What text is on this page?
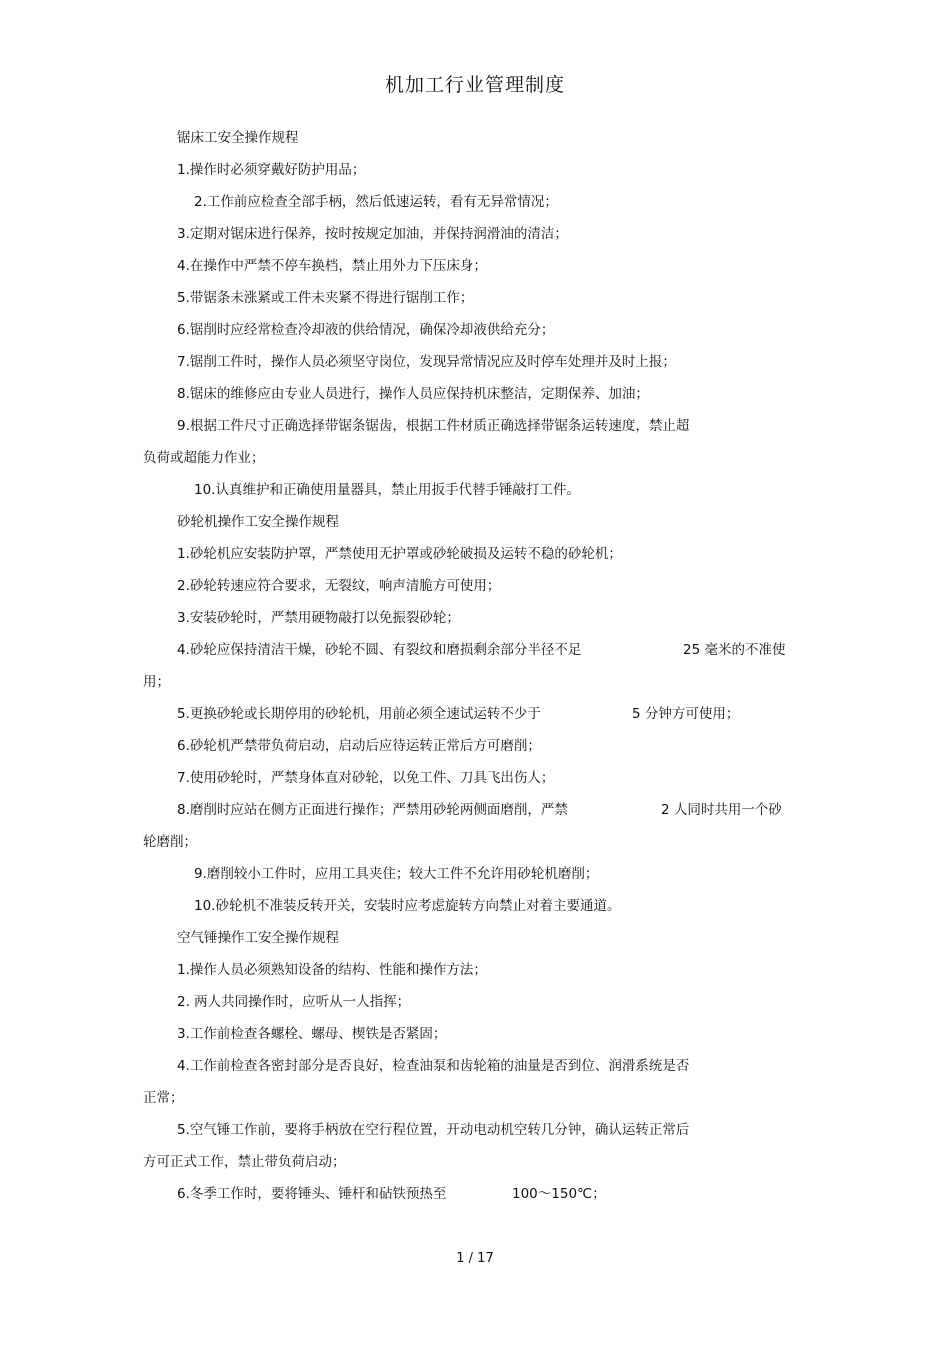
机加工行业管理制度
锯床工安全操作规程
1.操作时必须穿戴好防护用品；
2.工作前应检查全部手柄，然后低速运转，看有无异常情况；
3.定期对锯床进行保养，按时按规定加油，并保持润滑油的清洁；
4.在操作中严禁不停车换档，禁止用外力下压床身；
5.带锯条未涨紧或工件未夹紧不得进行锯削工作；
6.锯削时应经常检查冷却液的供给情况，确保冷却液供给充分；
7.锯削工件时，操作人员必须坚守岗位，发现异常情况应及时停车处理并及时上报；
8.锯床的维修应由专业人员进行，操作人员应保持机床整洁，定期保养、加油；
9.根据工件尺寸正确选择带锯条锯齿，根据工件材质正确选择带锯条运转速度，禁止超
负荷或超能力作业；
10.认真维护和正确使用量器具，禁止用扳手代替手锤敲打工件。
砂轮机操作工安全操作规程
1.砂轮机应安装防护罩，严禁使用无护罩或砂轮破损及运转不稳的砂轮机；
2.砂轮转速应符合要求，无裂纹，响声清脆方可使用；
3.安装砂轮时，严禁用硬物敲打以免振裂砂轮；
4.砂轮应保持清洁干燥，砂轮不圆、有裂纹和磨损剩余部分半径不足	25 毫米的不准使
用；
5.更换砂轮或长期停用的砂轮机，用前必须全速试运转不少于	5 分钟方可使用；
6.砂轮机严禁带负荷启动，启动后应待运转正常后方可磨削；
7.使用砂轮时，严禁身体直对砂轮，以免工件、刀具飞出伤人；
8.磨削时应站在侧方正面进行操作；严禁用砂轮两侧面磨削，严禁	2 人同时共用一个砂
轮磨削；
9.磨削较小工件时，应用工具夹住；较大工件不允许用砂轮机磨削；
10.砂轮机不准装反转开关，安装时应考虑旋转方向禁止对着主要通道。
空气锤操作工安全操作规程
1.操作人员必须熟知设备的结构、性能和操作方法；
2. 两人共同操作时，应听从一人指挥；
3.工作前检查各螺栓、螺母、楔铁是否紧固；
4.工作前检查各密封部分是否良好，检查油泵和齿轮箱的油量是否到位、润滑系统是否
正常；
5.空气锤工作前，要将手柄放在空行程位置，开动电动机空转几分钟，确认运转正常后
方可正式工作，禁止带负荷启动；
6.冬季工作时，要将锤头、锤杆和砧铁预热至	100～150℃；
1 / 17
